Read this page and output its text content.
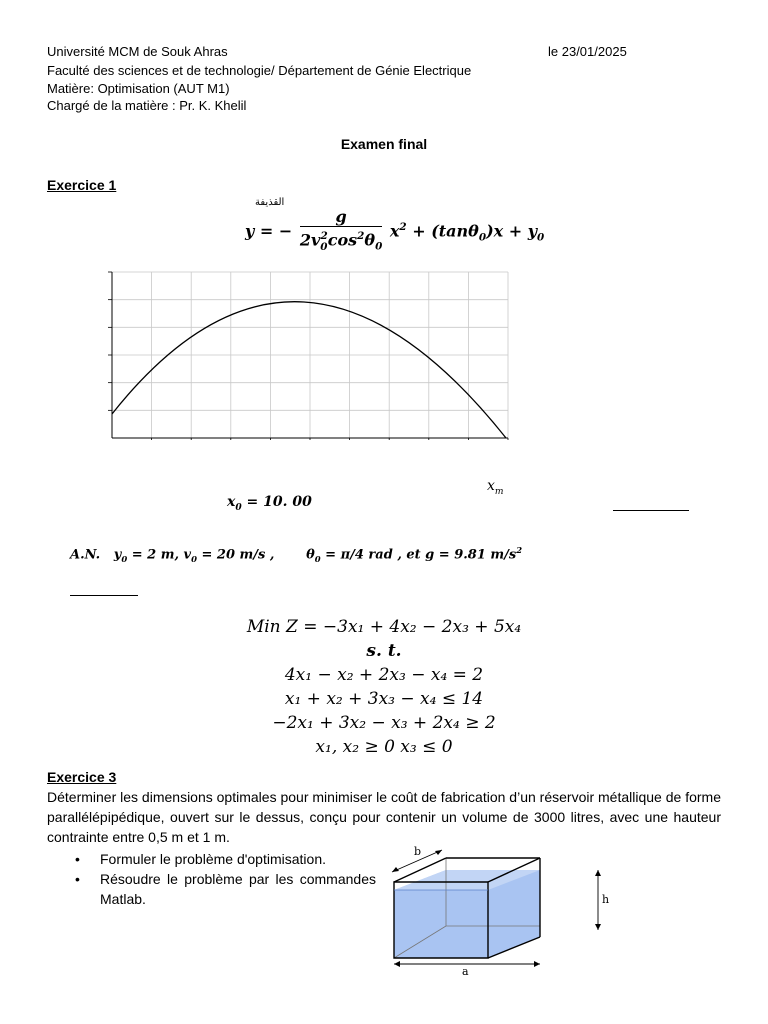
Université MCM de Souk Ahras	le 23/01/2025
Faculté des sciences et de technologie/ Département de Génie Electrique
Matière: Optimisation (AUT M1)
Chargé de la matière : Pr. K. Khelil
Examen final
Exercice 1
القذيفة
y = − $\frac{g}{2v_0^2\cos^2\theta_0} x^2 + (\tan\theta_0)x + y_0$
$x_m$
$x_0 = 10$. 00
A.N. $y_0 = 2$ m, $v_0 = 20$ m/s , $\theta_0 = \pi/4$ rad , et g = 9.81 $m/s^2$
Min Z = −3x₁ + 4x₂ − 2x₃ + 5x₄
s. t.
4x₁ − x₂ + 2x₃ − x₄ = 2
x₁ + x₂ + 3x₃ − x₄ ≤ 14
−2x₁ + 3x₂ − x₃ + 2x₄ ≥ 2
x₁, x₂ ≥ 0 x₃ ≤ 0
Exercice 3
Déterminer les dimensions optimales pour minimiser le coût de fabrication d’un réservoir métallique de forme parallélépipédique, ouvert sur le dessus, conçu pour contenir un volume de 3000 litres, avec une hauteur contrainte entre 0,5 m et 1 m.
• Formuler le problème d'optimisation.
• Résoudre le problème par les commandes Matlab.
a
b
h
